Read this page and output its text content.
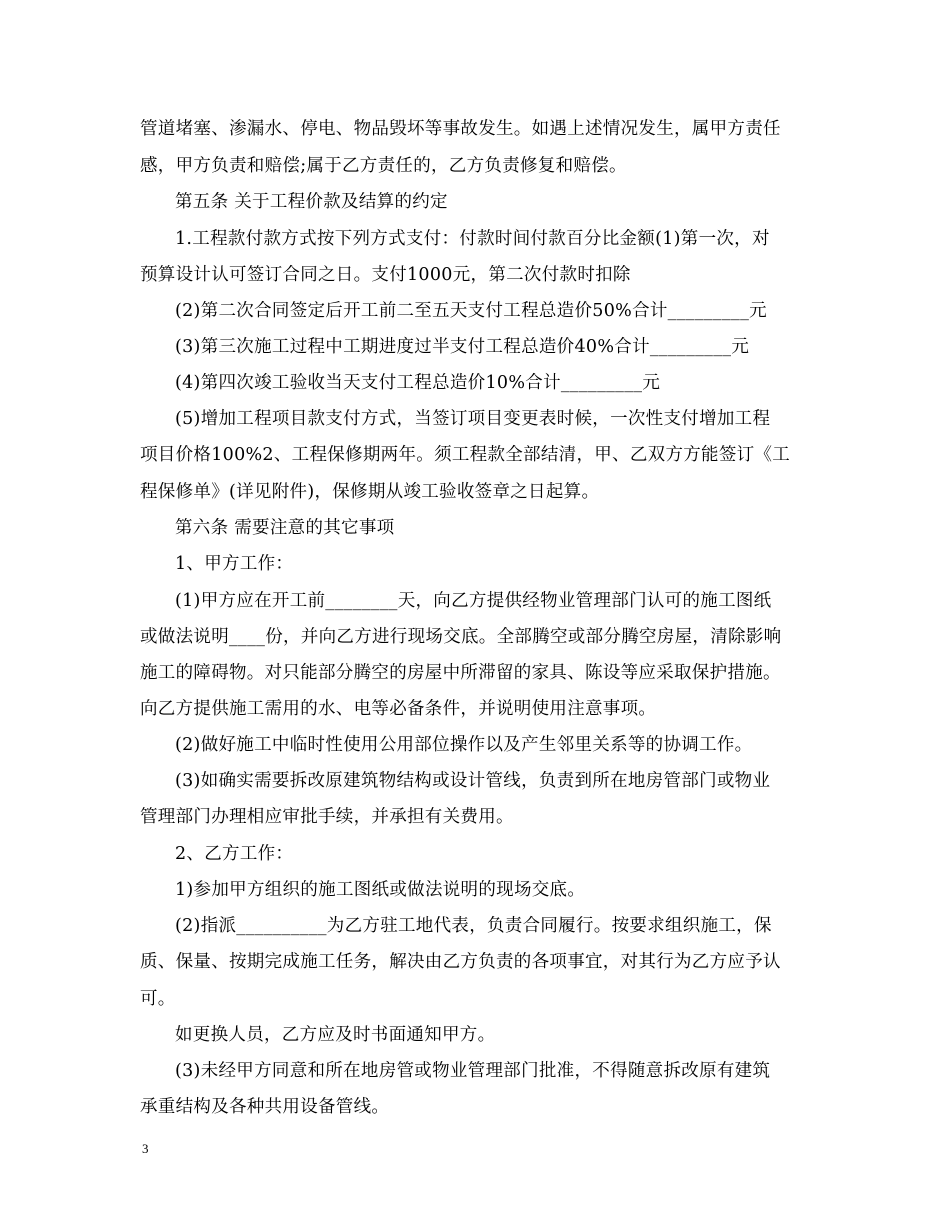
管道堵塞、渗漏水、停电、物品毁坏等事故发生。如遇上述情况发生，属甲方责任
感，甲方负责和赔偿;属于乙方责任的，乙方负责修复和赔偿。
第五条 关于工程价款及结算的约定
1.工程款付款方式按下列方式支付：付款时间付款百分比金额(1)第一次，对
预算设计认可签订合同之日。支付1000元，第二次付款时扣除
(2)第二次合同签定后开工前二至五天支付工程总造价50%合计_________元
(3)第三次施工过程中工期进度过半支付工程总造价40%合计_________元
(4)第四次竣工验收当天支付工程总造价10%合计_________元
(5)增加工程项目款支付方式，当签订项目变更表时候，一次性支付增加工程
项目价格100%2、工程保修期两年。须工程款全部结清，甲、乙双方方能签订《工
程保修单》(详见附件)，保修期从竣工验收签章之日起算。
第六条 需要注意的其它事项
1、甲方工作：
(1)甲方应在开工前________天，向乙方提供经物业管理部门认可的施工图纸
或做法说明____份，并向乙方进行现场交底。全部腾空或部分腾空房屋，清除影响
施工的障碍物。对只能部分腾空的房屋中所滞留的家具、陈设等应采取保护措施。
向乙方提供施工需用的水、电等必备条件，并说明使用注意事项。
(2)做好施工中临时性使用公用部位操作以及产生邻里关系等的协调工作。
(3)如确实需要拆改原建筑物结构或设计管线，负责到所在地房管部门或物业
管理部门办理相应审批手续，并承担有关费用。
2、乙方工作：
1)参加甲方组织的施工图纸或做法说明的现场交底。
(2)指派__________为乙方驻工地代表，负责合同履行。按要求组织施工，保
质、保量、按期完成施工任务，解决由乙方负责的各项事宜，对其行为乙方应予认
可。
如更换人员，乙方应及时书面通知甲方。
(3)未经甲方同意和所在地房管或物业管理部门批准，不得随意拆改原有建筑
承重结构及各种共用设备管线。
3
